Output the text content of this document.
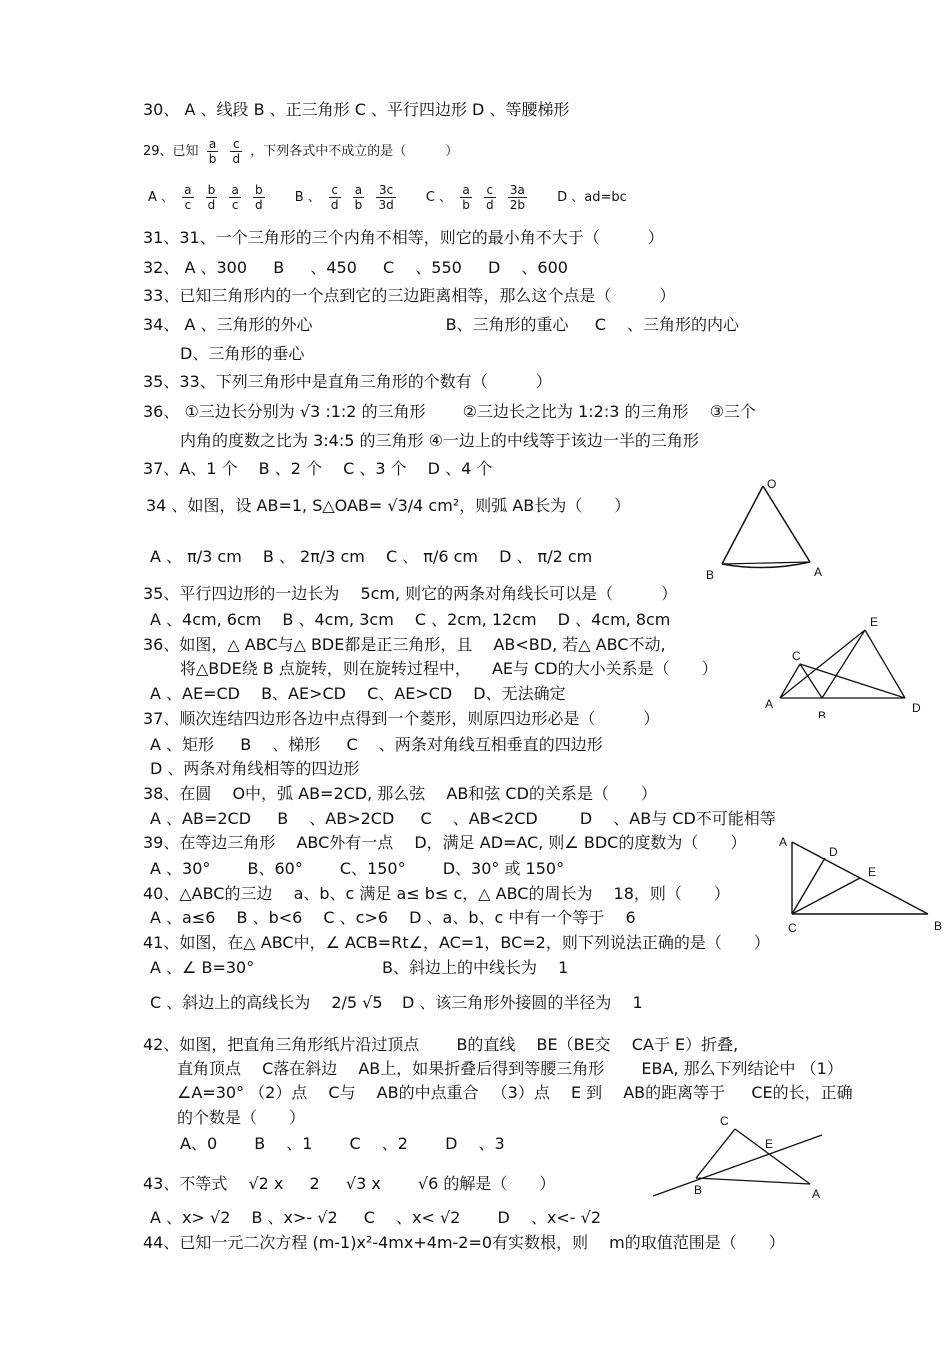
30、 A 、线段 B 、正三角形 C 、平行四边形 D 、等腰梯形
29、已知 $\frac{a}{b}$
$\frac{c}{d}$ ，下列各式中不成立的是（　　　）
A 、 $\frac{a}{c}$
$\frac{b}{d}$
$\frac{a}{c}$
$\frac{b}{d}$ B 、 $\frac{c}{d}$
$\frac{a}{b}$
$\frac{3c}{3d}$ C 、 $\frac{a}{b}$
$\frac{c}{d}$
$\frac{3a}{2b}$ D 、ad=bc
31、31、一个三角形的三个内角不相等，则它的最小角不大于（　　　）
32、 A 、300 　 B 　 、450 　 C 　、550 　 D 　、600
33、已知三角形内的一个点到它的三边距离相等，那么这个点是（　　　）
34、 A 、三角形的外心 　　　　　　　　B、三角形的重心 　 C 　、三角形的内心
D、三角形的垂心
35、33、下列三角形中是直角三角形的个数有（　　　）
36、 ①三边长分别为 √3 :1:2 的三角形 　　②三边长之比为 1:2:3 的三角形 　③三个
内角的度数之比为 3:4:5 的三角形 ④一边上的中线等于该边一半的三角形
37、A、1 个 　B 、2 个 　C 、3 个 　D 、4 个
34 、如图，设 AB=1, S△OAB= √3/4 cm²，则弧 AB长为（　　）
A 、 π/3 cm 　B 、 2π/3 cm 　C 、 π/6 cm 　D 、 π/2 cm
35、平行四边形的一边长为 　5cm, 则它的两条对角线长可以是（　　　）
A 、4cm, 6cm 　B 、4cm, 3cm 　C 、2cm, 12cm 　D 、4cm, 8cm
36、如图，△ ABC与△ BDE都是正三角形，且 　AB<BD, 若△ ABC不动,
将△BDE绕 B 点旋转，则在旋转过程中， 　AE与 CD的大小关系是（　　）
A 、AE=CD 　B、AE>CD 　C、AE>CD 　D、无法确定
37、顺次连结四边形各边中点得到一个菱形，则原四边形必是（　　　）
A 、矩形 　 B 　、梯形 　 C 　、两条对角线互相垂直的四边形
D 、两条对角线相等的四边形
38、在圆 　O中，弧 AB=2CD, 那么弦 　AB和弦 CD的关系是（　　）
A 、AB=2CD 　 B 　、AB>2CD 　 C 　、AB<2CD 　　 D 　、AB与 CD不可能相等
39、在等边三角形 　ABC外有一点 　D，满足 AD=AC, 则∠ BDC的度数为（　　）
A 、30° 　　B、60° 　　C、150° 　　D、30° 或 150°
40、△ABC的三边 　a、b、c 满足 a≤ b≤ c，△ ABC的周长为 　18，则（　　）
A 、a≤6 　B 、b<6 　C 、c>6 　D 、a、b、c 中有一个等于 　6
41、如图，在△ ABC中，∠ ACB=Rt∠，AC=1，BC=2，则下列说法正确的是（　　）
A 、∠ B=30°	B、斜边上的中线长为 　1
C 、斜边上的高线长为 　2/5 √5 D 、该三角形外接圆的半径为 　1
42、如图，把直角三角形纸片沿过顶点 　　B的直线 　BE（BE交 　CA于 E）折叠,
直角顶点 　C落在斜边 　AB上，如果折叠后得到等腰三角形 　　EBA, 那么下列结论中 （1）
∠A=30° （2）点 　C与 　AB的中点重合 　（3）点 　E 到 　AB的距离等于 　 CE的长，正确
的个数是（　　）
A、0 　　B 　、1 　　C 　、2 　　D 　、3
43、不等式 　√2 x 　 2 　 √3 x 　　√6 的解是（　　）
A 、x> √2 　B 、x>- √2 　 C 　、x< √2 　　D 　、x<- √2
44、已知一元二次方程 (m-1)x²-4mx+4m-2=0有实数根，则 　m的取值范围是（　　）
O
B	A
E
C
A
B
D
A
D
E
C	B
C
E
B	A
